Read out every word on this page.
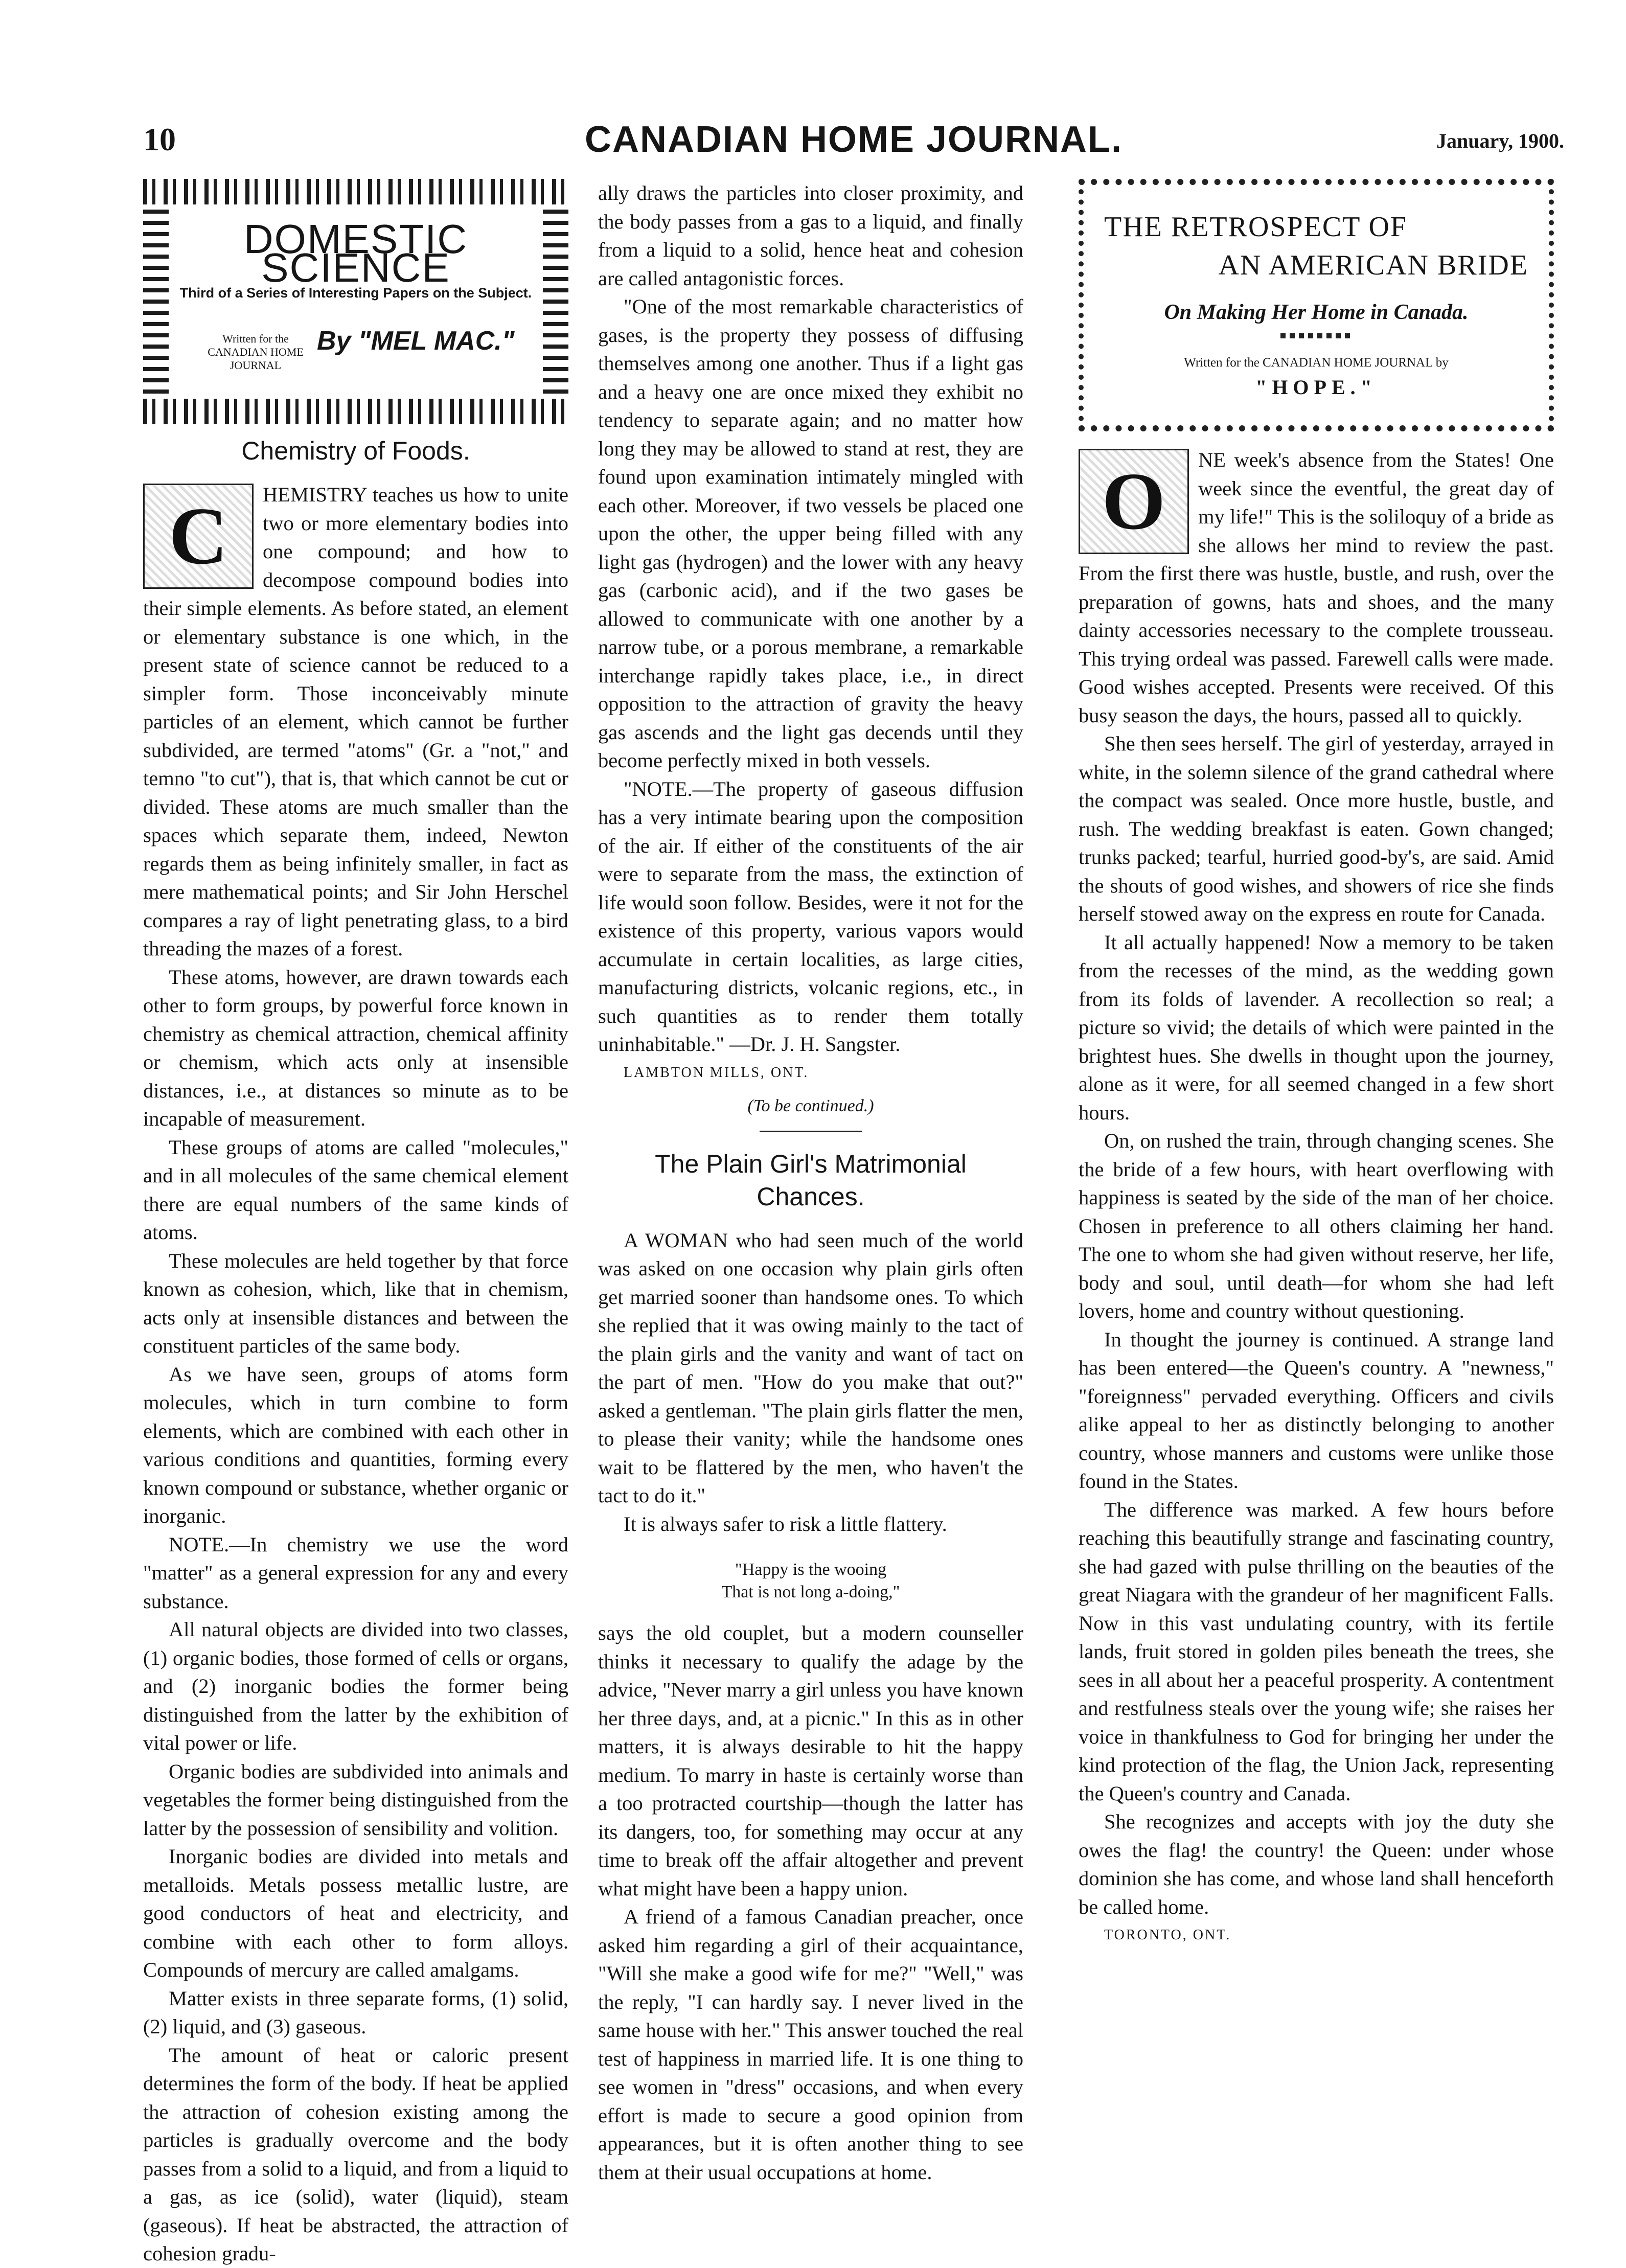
10	CANADIAN HOME JOURNAL.	January, 1900.
DOMESTIC SCIENCE
Third of a Series of Interesting Papers on the Subject.
Written for the CANADIAN HOME JOURNAL
By "MEL MAC."
Chemistry of Foods.
C	HEMISTRY teaches us how to unite two or more elementary bodies into one compound; and how to decompose compound bodies into their simple elements. As before stated, an element or elementary substance is one which, in the present state of science cannot be reduced to a simpler form. Those inconceivably minute particles of an element, which cannot be further subdivided, are termed "atoms" (Gr. a "not," and temno "to cut"), that is, that which cannot be cut or divided. These atoms are much smaller than the spaces which separate them, indeed, Newton regards them as being infinitely smaller, in fact as mere mathematical points; and Sir John Herschel compares a ray of light penetrating glass, to a bird threading the mazes of a forest.

These atoms, however, are drawn towards each other to form groups, by powerful force known in chemistry as chemical attraction, chemical affinity or chemism, which acts only at insensible distances, i.e., at distances so minute as to be incapable of measurement.

These groups of atoms are called "molecules," and in all molecules of the same chemical element there are equal numbers of the same kinds of atoms.

These molecules are held together by that force known as cohesion, which, like that in chemism, acts only at insensible distances and between the constituent particles of the same body.

As we have seen, groups of atoms form molecules, which in turn combine to form elements, which are combined with each other in various conditions and quantities, forming every known compound or substance, whether organic or inorganic.

NOTE.—In chemistry we use the word "matter" as a general expression for any and every substance.

All natural objects are divided into two classes, (1) organic bodies, those formed of cells or organs, and (2) inorganic bodies the former being distinguished from the latter by the exhibition of vital power or life.

Organic bodies are subdivided into animals and vegetables the former being distinguished from the latter by the possession of sensibility and volition.

Inorganic bodies are divided into metals and metalloids. Metals possess metallic lustre, are good conductors of heat and electricity, and combine with each other to form alloys. Compounds of mercury are called amalgams.

Matter exists in three separate forms, (1) solid, (2) liquid, and (3) gaseous.

The amount of heat or caloric present determines the form of the body. If heat be applied the attraction of cohesion existing among the particles is gradually overcome and the body passes from a solid to a liquid, and from a liquid to a gas, as ice (solid), water (liquid), steam (gaseous). If heat be abstracted, the attraction of cohesion gradu-

ally draws the particles into closer proximity, and the body passes from a gas to a liquid, and finally from a liquid to a solid, hence heat and cohesion are called antagonistic forces.

"One of the most remarkable characteristics of gases, is the property they possess of diffusing themselves among one another. Thus if a light gas and a heavy one are once mixed they exhibit no tendency to separate again; and no matter how long they may be allowed to stand at rest, they are found upon examination intimately mingled with each other. Moreover, if two vessels be placed one upon the other, the upper being filled with any light gas (hydrogen) and the lower with any heavy gas (carbonic acid), and if the two gases be allowed to communicate with one another by a narrow tube, or a porous membrane, a remarkable interchange rapidly takes place, i.e., in direct opposition to the attraction of gravity the heavy gas ascends and the light gas decends until they become perfectly mixed in both vessels.

"NOTE.—The property of gaseous diffusion has a very intimate bearing upon the composition of the air. If either of the constituents of the air were to separate from the mass, the extinction of life would soon follow. Besides, were it not for the existence of this property, various vapors would accumulate in certain localities, as large cities, manufacturing districts, volcanic regions, etc., in such quantities as to render them totally uninhabitable." —Dr. J. H. Sangster.

LAMBTON MILLS, ONT.

(To be continued.)
The Plain Girl's Matrimonial Chances.

A WOMAN who had seen much of the world was asked on one occasion why plain girls often get married sooner than handsome ones. To which she replied that it was owing mainly to the tact of the plain girls and the vanity and want of tact on the part of men. "How do you make that out?" asked a gentleman. "The plain girls flatter the men, to please their vanity; while the handsome ones wait to be flattered by the men, who haven't the tact to do it."

It is always safer to risk a little flattery.

"Happy is the wooing
That is not long a-doing,"

says the old couplet, but a modern counseller thinks it necessary to qualify the adage by the advice, "Never marry a girl unless you have known her three days, and, at a picnic." In this as in other matters, it is always desirable to hit the happy medium. To marry in haste is certainly worse than a too protracted courtship—though the latter has its dangers, too, for something may occur at any time to break off the affair altogether and prevent what might have been a happy union.

A friend of a famous Canadian preacher, once asked him regarding a girl of their acquaintance, "Will she make a good wife for me?" "Well," was the reply, "I can hardly say. I never lived in the same house with her." This answer touched the real test of happiness in married life. It is one thing to see women in "dress" occasions, and when every effort is made to secure a good opinion from appearances, but it is often another thing to see them at their usual occupations at home.

THE RETROSPECT OF
AN AMERICAN BRIDE
On Making Her Home in Canada.
Written for the CANADIAN HOME JOURNAL by
"HOPE."
O	NE week's absence from the States! One week since the eventful, the great day of my life!" This is the soliloquy of a bride as she allows her mind to review the past. From the first there was hustle, bustle, and rush, over the preparation of gowns, hats and shoes, and the many dainty accessories necessary to the complete trousseau. This trying ordeal was passed. Farewell calls were made. Good wishes accepted. Presents were received. Of this busy season the days, the hours, passed all to quickly.

She then sees herself. The girl of yesterday, arrayed in white, in the solemn silence of the grand cathedral where the compact was sealed. Once more hustle, bustle, and rush. The wedding breakfast is eaten. Gown changed; trunks packed; tearful, hurried good-by's, are said. Amid the shouts of good wishes, and showers of rice she finds herself stowed away on the express en route for Canada.

It all actually happened! Now a memory to be taken from the recesses of the mind, as the wedding gown from its folds of lavender. A recollection so real; a picture so vivid; the details of which were painted in the brightest hues. She dwells in thought upon the journey, alone as it were, for all seemed changed in a few short hours.

On, on rushed the train, through changing scenes. She the bride of a few hours, with heart overflowing with happiness is seated by the side of the man of her choice. Chosen in preference to all others claiming her hand. The one to whom she had given without reserve, her life, body and soul, until death—for whom she had left lovers, home and country without questioning.

In thought the journey is continued. A strange land has been entered—the Queen's country. A "newness," "foreignness" pervaded everything. Officers and civils alike appeal to her as distinctly belonging to another country, whose manners and customs were unlike those found in the States.

The difference was marked. A few hours before reaching this beautifully strange and fascinating country, she had gazed with pulse thrilling on the beauties of the great Niagara with the grandeur of her magnificent Falls. Now in this vast undulating country, with its fertile lands, fruit stored in golden piles beneath the trees, she sees in all about her a peaceful prosperity. A contentment and restfulness steals over the young wife; she raises her voice in thankfulness to God for bringing her under the kind protection of the flag, the Union Jack, representing the Queen's country and Canada.

She recognizes and accepts with joy the duty she owes the flag! the country! the Queen: under whose dominion she has come, and whose land shall henceforth be called home.

TORONTO, ONT.
